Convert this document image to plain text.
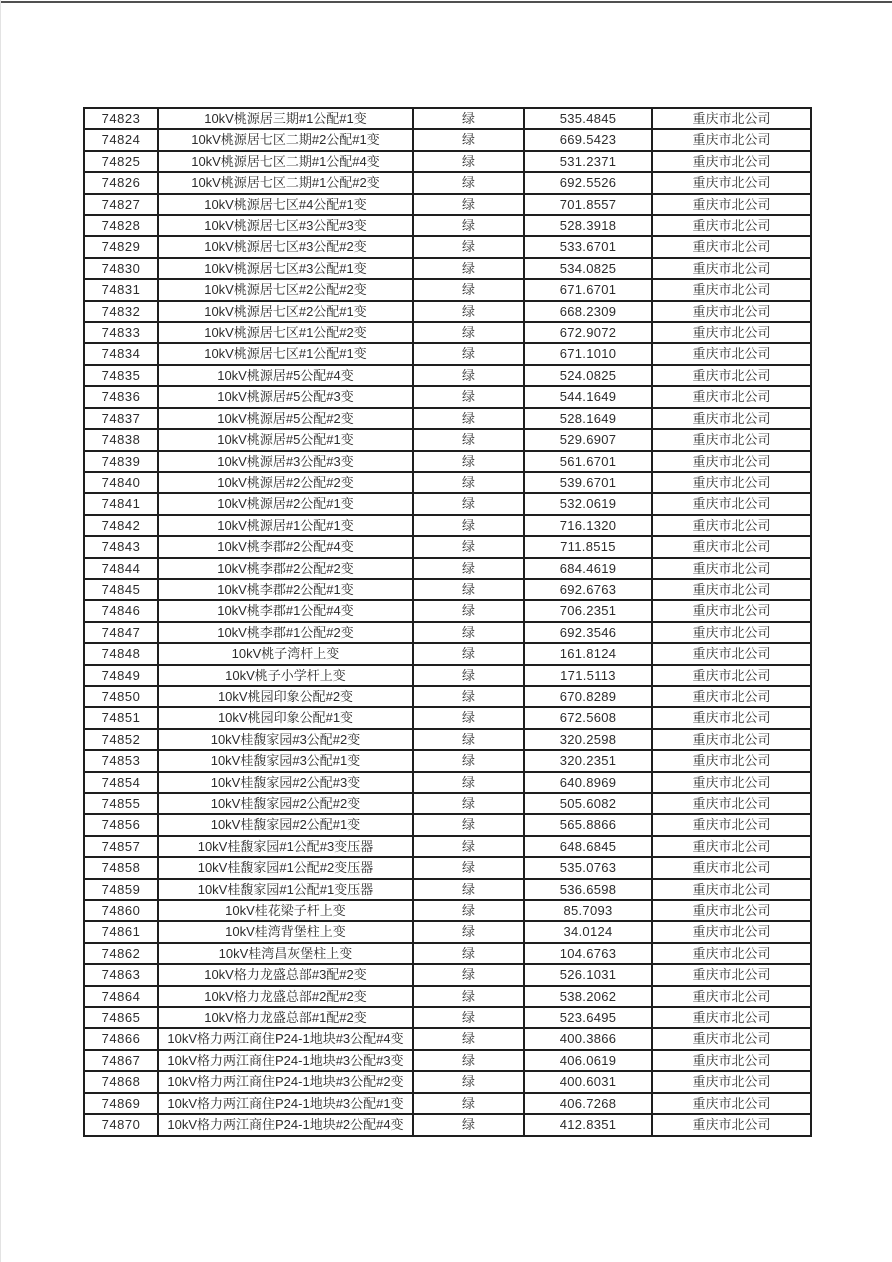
74823	10kV桃源居三期#1公配#1变	绿	535.4845	重庆市北公司
74824	10kV桃源居七区二期#2公配#1变	绿	669.5423	重庆市北公司
74825	10kV桃源居七区二期#1公配#4变	绿	531.2371	重庆市北公司
74826	10kV桃源居七区二期#1公配#2变	绿	692.5526	重庆市北公司
74827	10kV桃源居七区#4公配#1变	绿	701.8557	重庆市北公司
74828	10kV桃源居七区#3公配#3变	绿	528.3918	重庆市北公司
74829	10kV桃源居七区#3公配#2变	绿	533.6701	重庆市北公司
74830	10kV桃源居七区#3公配#1变	绿	534.0825	重庆市北公司
74831	10kV桃源居七区#2公配#2变	绿	671.6701	重庆市北公司
74832	10kV桃源居七区#2公配#1变	绿	668.2309	重庆市北公司
74833	10kV桃源居七区#1公配#2变	绿	672.9072	重庆市北公司
74834	10kV桃源居七区#1公配#1变	绿	671.1010	重庆市北公司
74835	10kV桃源居#5公配#4变	绿	524.0825	重庆市北公司
74836	10kV桃源居#5公配#3变	绿	544.1649	重庆市北公司
74837	10kV桃源居#5公配#2变	绿	528.1649	重庆市北公司
74838	10kV桃源居#5公配#1变	绿	529.6907	重庆市北公司
74839	10kV桃源居#3公配#3变	绿	561.6701	重庆市北公司
74840	10kV桃源居#2公配#2变	绿	539.6701	重庆市北公司
74841	10kV桃源居#2公配#1变	绿	532.0619	重庆市北公司
74842	10kV桃源居#1公配#1变	绿	716.1320	重庆市北公司
74843	10kV桃李郡#2公配#4变	绿	711.8515	重庆市北公司
74844	10kV桃李郡#2公配#2变	绿	684.4619	重庆市北公司
74845	10kV桃李郡#2公配#1变	绿	692.6763	重庆市北公司
74846	10kV桃李郡#1公配#4变	绿	706.2351	重庆市北公司
74847	10kV桃李郡#1公配#2变	绿	692.3546	重庆市北公司
74848	10kV桃子湾杆上变	绿	161.8124	重庆市北公司
74849	10kV桃子小学杆上变	绿	171.5113	重庆市北公司
74850	10kV桃园印象公配#2变	绿	670.8289	重庆市北公司
74851	10kV桃园印象公配#1变	绿	672.5608	重庆市北公司
74852	10kV桂馥家园#3公配#2变	绿	320.2598	重庆市北公司
74853	10kV桂馥家园#3公配#1变	绿	320.2351	重庆市北公司
74854	10kV桂馥家园#2公配#3变	绿	640.8969	重庆市北公司
74855	10kV桂馥家园#2公配#2变	绿	505.6082	重庆市北公司
74856	10kV桂馥家园#2公配#1变	绿	565.8866	重庆市北公司
74857	10kV桂馥家园#1公配#3变压器	绿	648.6845	重庆市北公司
74858	10kV桂馥家园#1公配#2变压器	绿	535.0763	重庆市北公司
74859	10kV桂馥家园#1公配#1变压器	绿	536.6598	重庆市北公司
74860	10kV桂花梁子杆上变	绿	85.7093	重庆市北公司
74861	10kV桂湾背堡柱上变	绿	34.0124	重庆市北公司
74862	10kV桂湾昌灰堡柱上变	绿	104.6763	重庆市北公司
74863	10kV格力龙盛总部#3配#2变	绿	526.1031	重庆市北公司
74864	10kV格力龙盛总部#2配#2变	绿	538.2062	重庆市北公司
74865	10kV格力龙盛总部#1配#2变	绿	523.6495	重庆市北公司
74866	10kV格力两江商住P24-1地块#3公配#4变	绿	400.3866	重庆市北公司
74867	10kV格力两江商住P24-1地块#3公配#3变	绿	406.0619	重庆市北公司
74868	10kV格力两江商住P24-1地块#3公配#2变	绿	400.6031	重庆市北公司
74869	10kV格力两江商住P24-1地块#3公配#1变	绿	406.7268	重庆市北公司
74870	10kV格力两江商住P24-1地块#2公配#4变	绿	412.8351	重庆市北公司
